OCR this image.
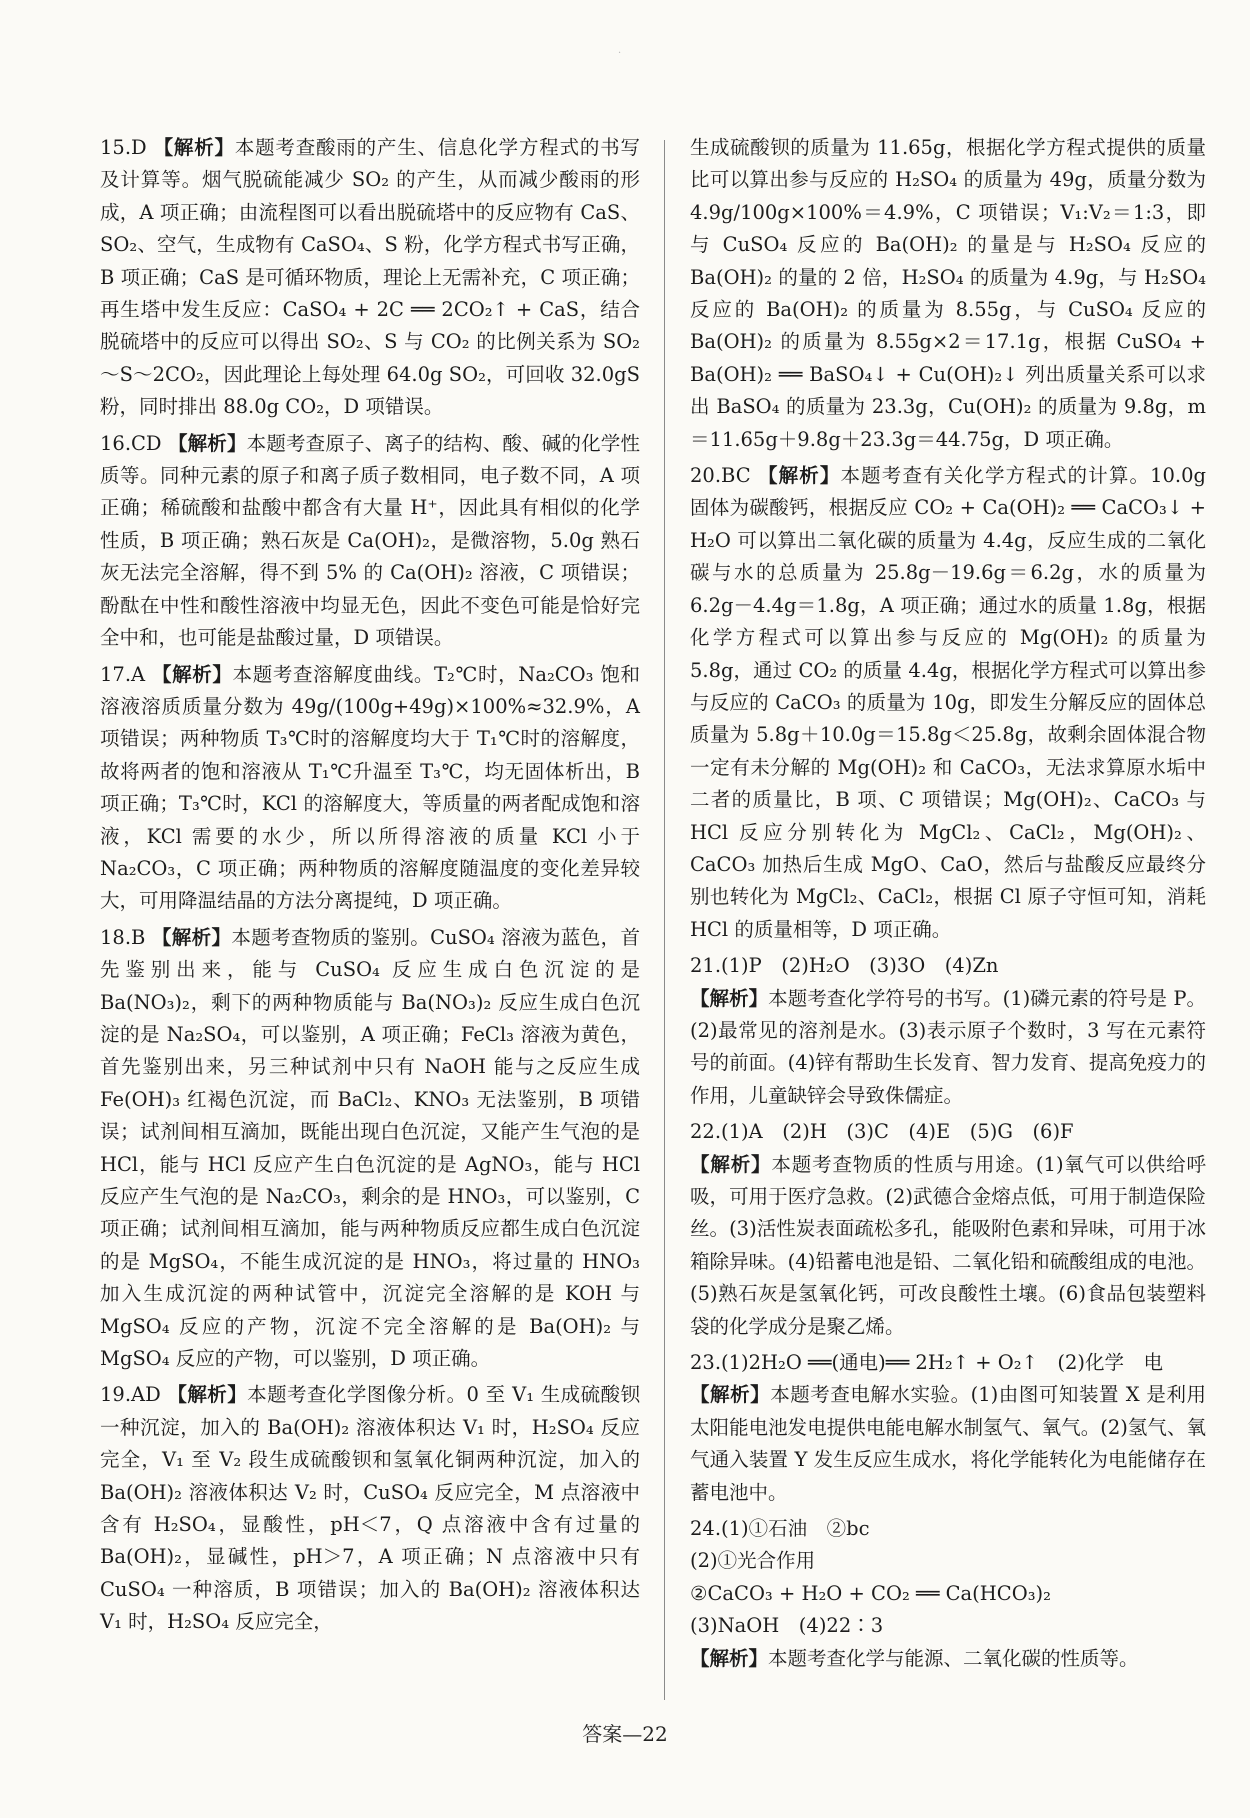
·

15.D 【解析】本题考查酸雨的产生、信息化学方程式的书写及计算等。烟气脱硫能减少 SO₂ 的产生，从而减少酸雨的形成，A 项正确；由流程图可以看出脱硫塔中的反应物有 CaS、SO₂、空气，生成物有 CaSO₄、S 粉，化学方程式书写正确，B 项正确；CaS 是可循环物质，理论上无需补充，C 项正确；再生塔中发生反应：CaSO₄ + 2C ══ 2CO₂↑ + CaS，结合脱硫塔中的反应可以得出 SO₂、S 与 CO₂ 的比例关系为 SO₂～S～2CO₂，因此理论上每处理 64.0g SO₂，可回收 32.0gS 粉，同时排出 88.0g CO₂，D 项错误。

16.CD 【解析】本题考查原子、离子的结构、酸、碱的化学性质等。同种元素的原子和离子质子数相同，电子数不同，A 项正确；稀硫酸和盐酸中都含有大量 H⁺，因此具有相似的化学性质，B 项正确；熟石灰是 Ca(OH)₂，是微溶物，5.0g 熟石灰无法完全溶解，得不到 5% 的 Ca(OH)₂ 溶液，C 项错误；酚酞在中性和酸性溶液中均显无色，因此不变色可能是恰好完全中和，也可能是盐酸过量，D 项错误。

17.A 【解析】本题考查溶解度曲线。T₂℃时，Na₂CO₃ 饱和溶液溶质质量分数为 49g/(100g+49g)×100%≈32.9%，A 项错误；两种物质 T₃℃时的溶解度均大于 T₁℃时的溶解度，故将两者的饱和溶液从 T₁℃升温至 T₃℃，均无固体析出，B 项正确；T₃℃时，KCl 的溶解度大，等质量的两者配成饱和溶液，KCl 需要的水少，所以所得溶液的质量 KCl 小于 Na₂CO₃，C 项正确；两种物质的溶解度随温度的变化差异较大，可用降温结晶的方法分离提纯，D 项正确。

18.B 【解析】本题考查物质的鉴别。CuSO₄ 溶液为蓝色，首先鉴别出来，能与 CuSO₄ 反应生成白色沉淀的是 Ba(NO₃)₂，剩下的两种物质能与 Ba(NO₃)₂ 反应生成白色沉淀的是 Na₂SO₄，可以鉴别，A 项正确；FeCl₃ 溶液为黄色，首先鉴别出来，另三种试剂中只有 NaOH 能与之反应生成 Fe(OH)₃ 红褐色沉淀，而 BaCl₂、KNO₃ 无法鉴别，B 项错误；试剂间相互滴加，既能出现白色沉淀，又能产生气泡的是 HCl，能与 HCl 反应产生白色沉淀的是 AgNO₃，能与 HCl 反应产生气泡的是 Na₂CO₃，剩余的是 HNO₃，可以鉴别，C 项正确；试剂间相互滴加，能与两种物质反应都生成白色沉淀的是 MgSO₄，不能生成沉淀的是 HNO₃，将过量的 HNO₃ 加入生成沉淀的两种试管中，沉淀完全溶解的是 KOH 与 MgSO₄ 反应的产物，沉淀不完全溶解的是 Ba(OH)₂ 与 MgSO₄ 反应的产物，可以鉴别，D 项正确。

19.AD 【解析】本题考查化学图像分析。0 至 V₁ 生成硫酸钡一种沉淀，加入的 Ba(OH)₂ 溶液体积达 V₁ 时，H₂SO₄ 反应完全，V₁ 至 V₂ 段生成硫酸钡和氢氧化铜两种沉淀，加入的 Ba(OH)₂ 溶液体积达 V₂ 时，CuSO₄ 反应完全，M 点溶液中含有 H₂SO₄，显酸性，pH＜7，Q 点溶液中含有过量的 Ba(OH)₂，显碱性，pH＞7，A 项正确；N 点溶液中只有 CuSO₄ 一种溶质，B 项错误；加入的 Ba(OH)₂ 溶液体积达 V₁ 时，H₂SO₄ 反应完全，

生成硫酸钡的质量为 11.65g，根据化学方程式提供的质量比可以算出参与反应的 H₂SO₄ 的质量为 49g，质量分数为 4.9g/100g×100%＝4.9%，C 项错误；V₁:V₂＝1:3，即与 CuSO₄ 反应的 Ba(OH)₂ 的量是与 H₂SO₄ 反应的 Ba(OH)₂ 的量的 2 倍，H₂SO₄ 的质量为 4.9g，与 H₂SO₄ 反应的 Ba(OH)₂ 的质量为 8.55g，与 CuSO₄ 反应的 Ba(OH)₂ 的质量为 8.55g×2＝17.1g，根据 CuSO₄ + Ba(OH)₂ ══ BaSO₄↓ + Cu(OH)₂↓ 列出质量关系可以求出 BaSO₄ 的质量为 23.3g，Cu(OH)₂ 的质量为 9.8g，m＝11.65g＋9.8g＋23.3g＝44.75g，D 项正确。

20.BC 【解析】本题考查有关化学方程式的计算。10.0g 固体为碳酸钙，根据反应 CO₂ + Ca(OH)₂ ══ CaCO₃↓ + H₂O 可以算出二氧化碳的质量为 4.4g，反应生成的二氧化碳与水的总质量为 25.8g－19.6g＝6.2g，水的质量为 6.2g－4.4g＝1.8g，A 项正确；通过水的质量 1.8g，根据化学方程式可以算出参与反应的 Mg(OH)₂ 的质量为 5.8g，通过 CO₂ 的质量 4.4g，根据化学方程式可以算出参与反应的 CaCO₃ 的质量为 10g，即发生分解反应的固体总质量为 5.8g＋10.0g＝15.8g＜25.8g，故剩余固体混合物一定有未分解的 Mg(OH)₂ 和 CaCO₃，无法求算原水垢中二者的质量比，B 项、C 项错误；Mg(OH)₂、CaCO₃ 与 HCl 反应分别转化为 MgCl₂、CaCl₂，Mg(OH)₂、CaCO₃ 加热后生成 MgO、CaO，然后与盐酸反应最终分别也转化为 MgCl₂、CaCl₂，根据 Cl 原子守恒可知，消耗 HCl 的质量相等，D 项正确。

21.(1)P　(2)H₂O　(3)3O　(4)Zn

【解析】本题考查化学符号的书写。(1)磷元素的符号是 P。(2)最常见的溶剂是水。(3)表示原子个数时，3 写在元素符号的前面。(4)锌有帮助生长发育、智力发育、提高免疫力的作用，儿童缺锌会导致侏儒症。

22.(1)A　(2)H　(3)C　(4)E　(5)G　(6)F

【解析】本题考查物质的性质与用途。(1)氧气可以供给呼吸，可用于医疗急救。(2)武德合金熔点低，可用于制造保险丝。(3)活性炭表面疏松多孔，能吸附色素和异味，可用于冰箱除异味。(4)铅蓄电池是铅、二氧化铅和硫酸组成的电池。(5)熟石灰是氢氧化钙，可改良酸性土壤。(6)食品包装塑料袋的化学成分是聚乙烯。

23.(1)2H₂O ══(通电)══ 2H₂↑ + O₂↑　(2)化学　电

【解析】本题考查电解水实验。(1)由图可知装置 X 是利用太阳能电池发电提供电能电解水制氢气、氧气。(2)氢气、氧气通入装置 Y 发生反应生成水，将化学能转化为电能储存在蓄电池中。

24.(1)①石油　②bc

(2)①光合作用

②CaCO₃ + H₂O + CO₂ ══ Ca(HCO₃)₂

(3)NaOH　(4)22∶3

【解析】本题考查化学与能源、二氧化碳的性质等。

答案—22
